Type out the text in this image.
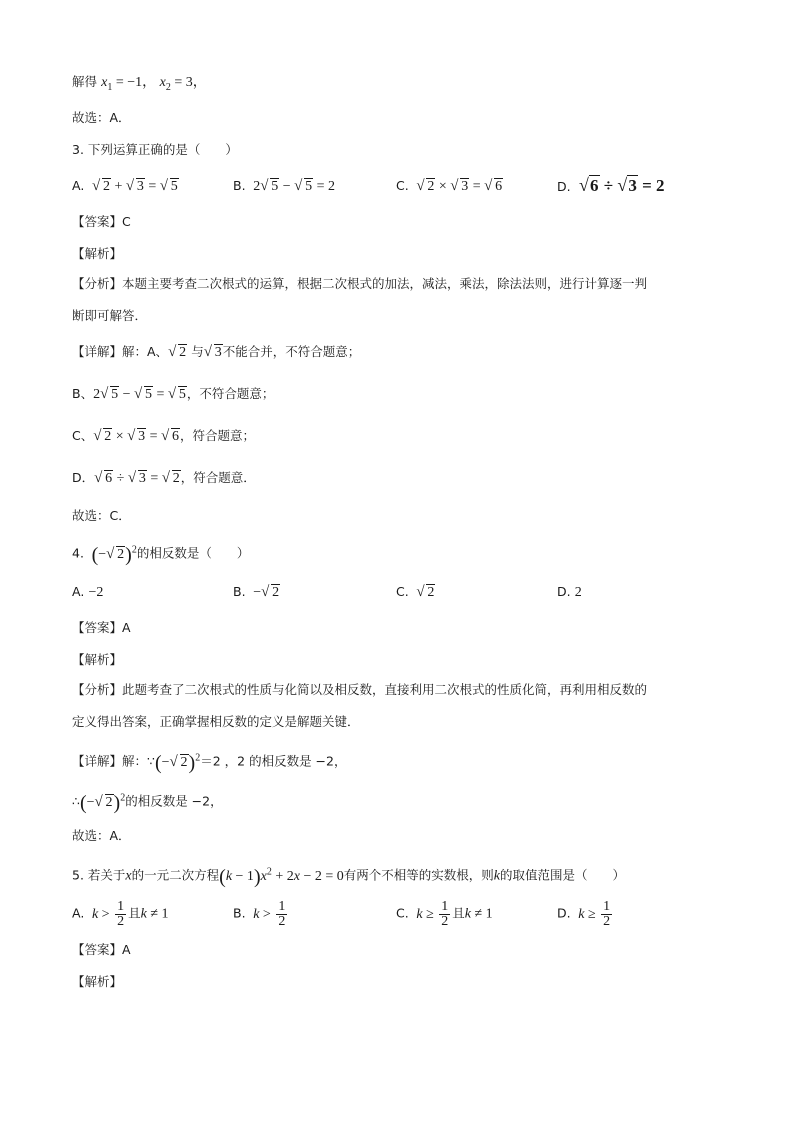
解得 $x_1 = -1$， $x_2 = 3$，
故选：A．
3. 下列运算正确的是（　　）
A. √ 2 + √ 3 = √ 5	B.  2 √ 5 − √ 5 = 2	C. √ 2 × √ 3 = √ 6	D. √ 6 ÷ √ 3 = 2
【答案】C
【解析】
【分析】本题主要考查二次根式的运算，根据二次根式的加法，减法，乘法，除法法则，进行计算逐一判
断即可解答．
【详解】解：A、 √ 2 与 √ 3不能合并，不符合题意；
B、2 √ 5 − √ 5 = √ 5，不符合题意；
C、 √ 2 × √ 3 = √ 6，符合题意；
D． √ 6 ÷ √ 3 = √ 2，符合题意．
故选：C．
4. (− √ 2)$^2$的相反数是（　　）
A. −2	B.  − √ 2	C. √ 2	D. 2
【答案】A
【解析】
【分析】此题考查了二次根式的性质与化简以及相反数，直接利用二次根式的性质化简，再利用相反数的
定义得出答案，正确掌握相反数的定义是解题关键．
【详解】解：∵(− √ 2)$^2$＝2 ，2 的相反数是 −2，
∴(− √ 2)$^2$的相反数是 −2，
故选：A．
5. 若关于x的一元二次方程$(k - 1)x^2 + 2x - 2 = 0$有两个不相等的实数根，则k的取值范围是（　　）
A. $k > \frac{1}{2}$ 且k ≠ 1	B. $k > \frac{1}{2}$	C. $k \ge \frac{1}{2}$ 且k ≠ 1	D. $k \ge \frac{1}{2}$
【答案】A
【解析】
